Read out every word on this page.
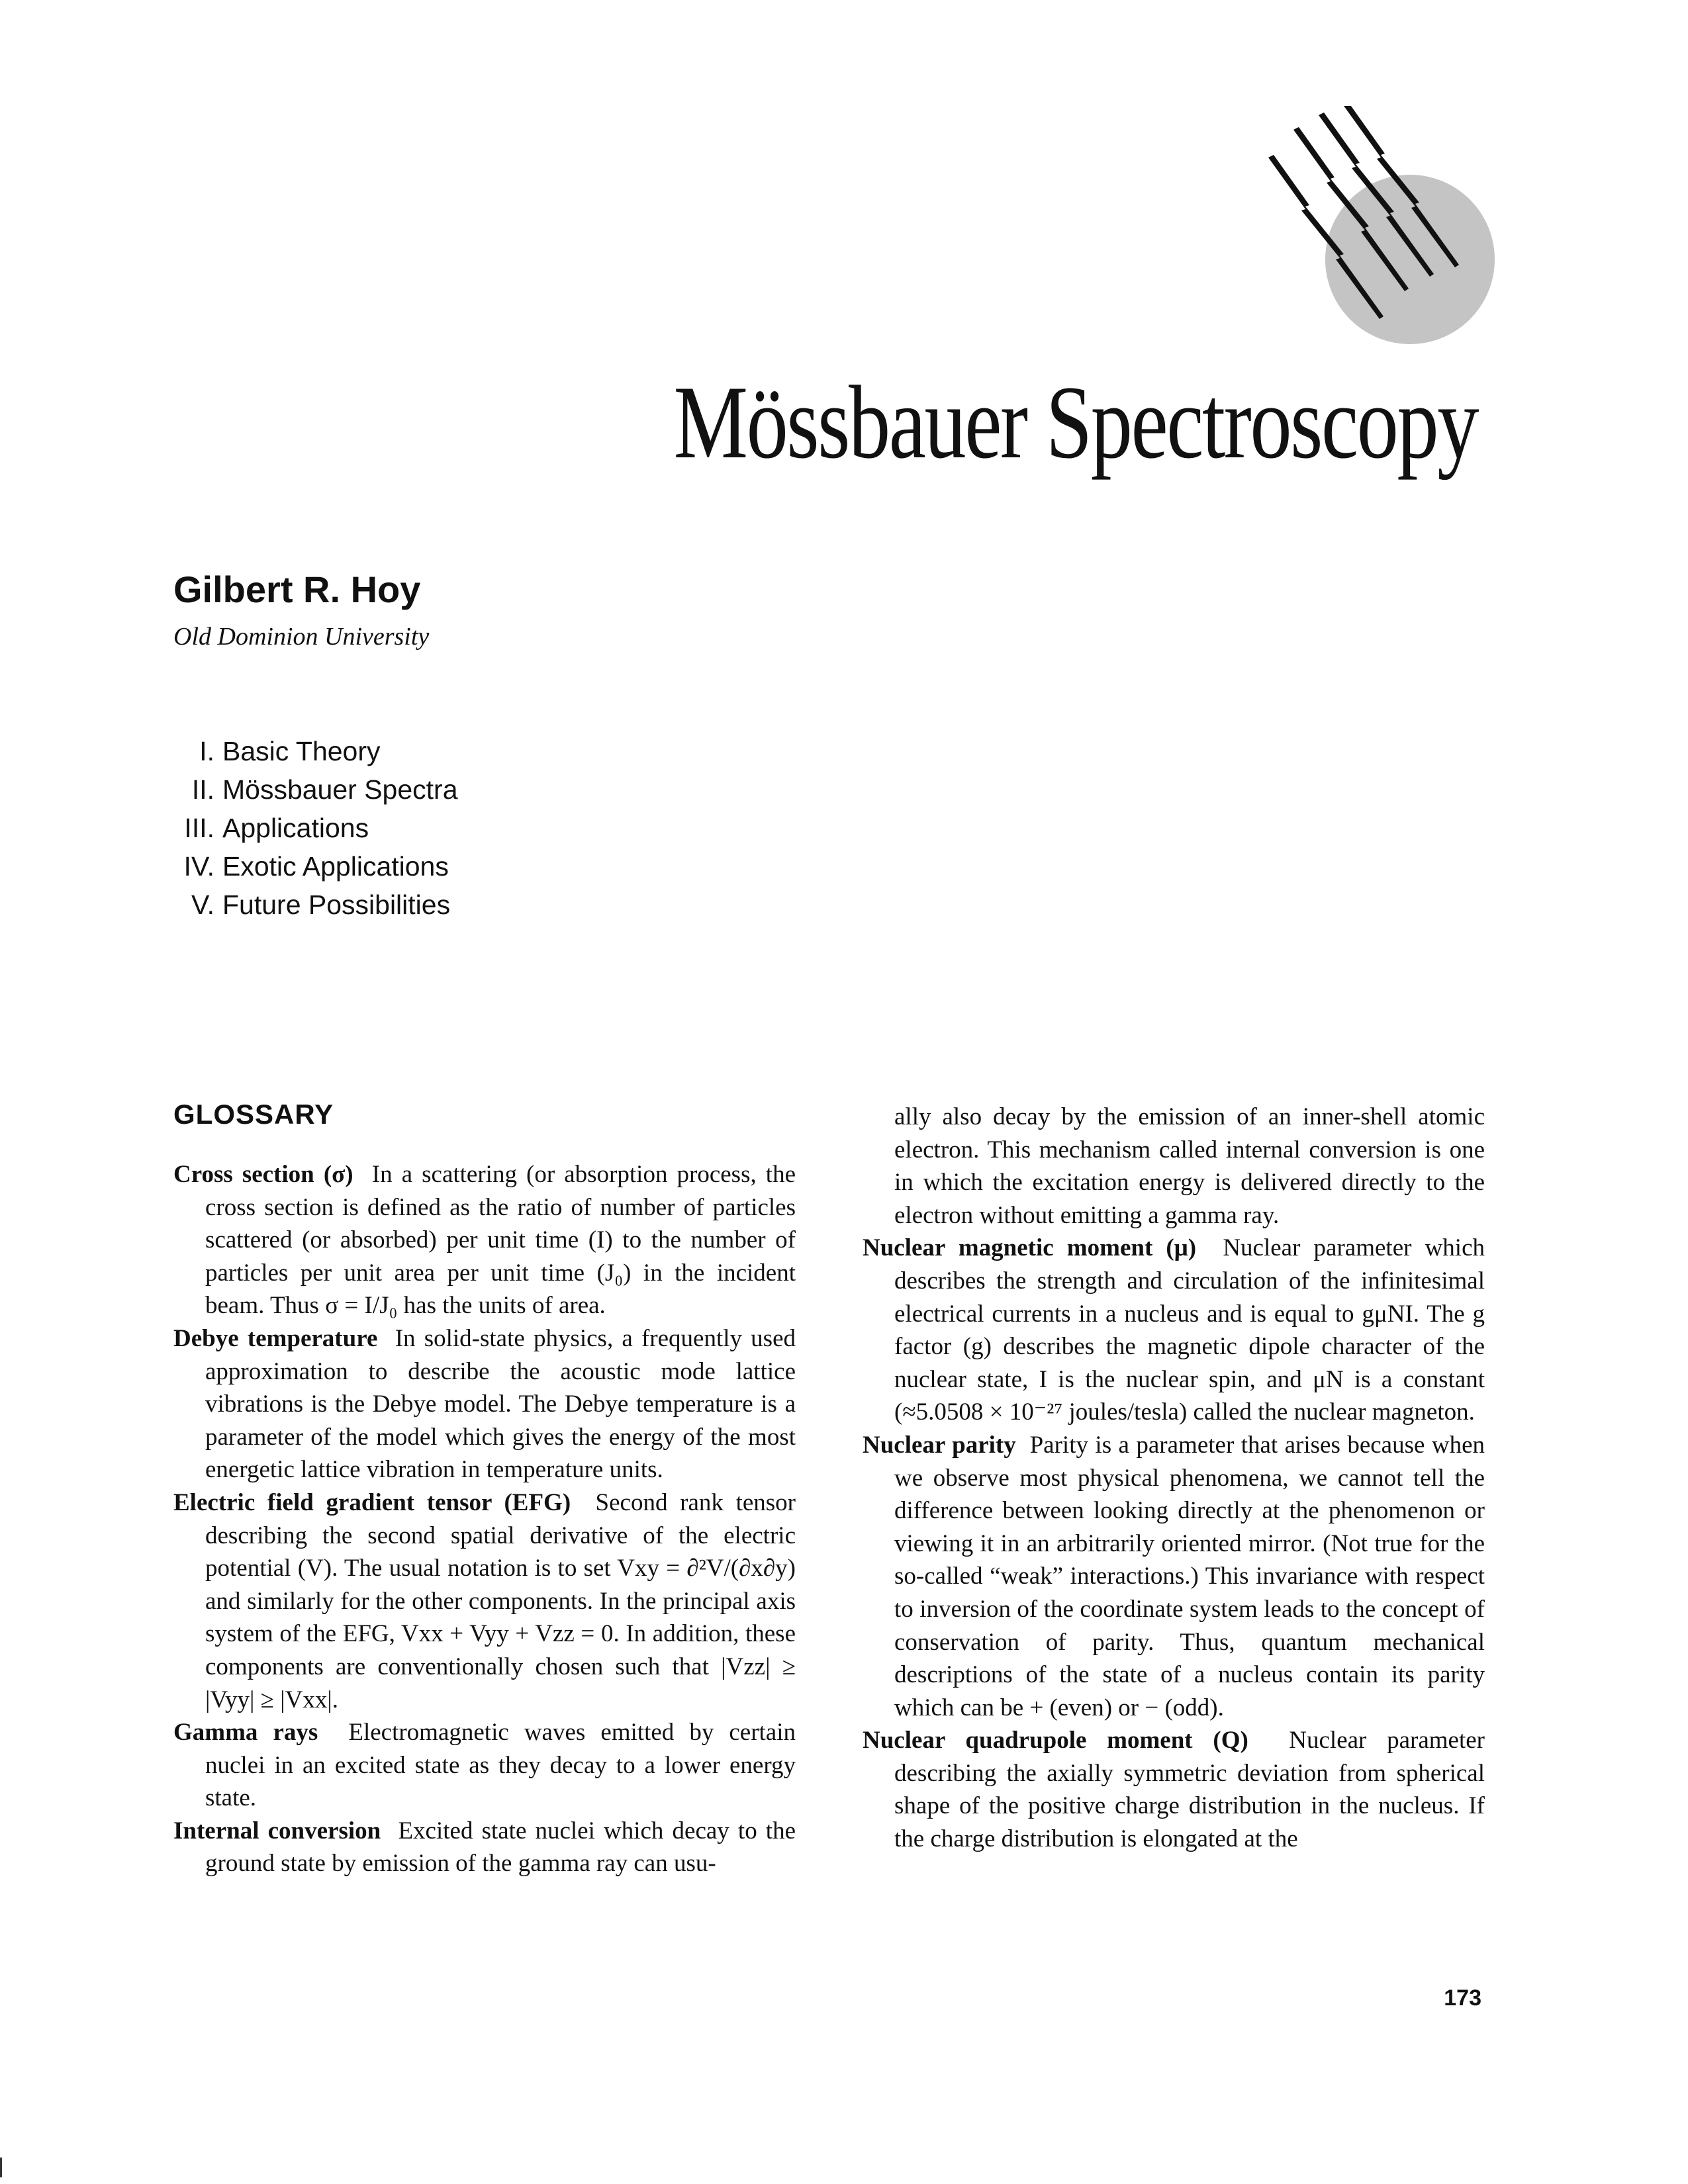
Mössbauer Spectroscopy
Gilbert R. Hoy
Old Dominion University
I. Basic Theory
II. Mössbauer Spectra
III. Applications
IV. Exotic Applications
V. Future Possibilities
GLOSSARY

Cross section (σ) In a scattering (or absorption process, the cross section is defined as the ratio of number of particles scattered (or absorbed) per unit time (I) to the number of particles per unit area per unit time (J₀) in the incident beam. Thus σ = I/J₀ has the units of area.

Debye temperature In solid-state physics, a frequently used approximation to describe the acoustic mode lattice vibrations is the Debye model. The Debye temperature is a parameter of the model which gives the energy of the most energetic lattice vibration in temperature units.

Electric field gradient tensor (EFG) Second rank tensor describing the second spatial derivative of the electric potential (V). The usual notation is to set Vxy = ∂²V/(∂x∂y) and similarly for the other components. In the principal axis system of the EFG, Vxx + Vyy + Vzz = 0. In addition, these components are conventionally chosen such that |Vzz| ≥ |Vyy| ≥ |Vxx|.

Gamma rays Electromagnetic waves emitted by certain nuclei in an excited state as they decay to a lower energy state.

Internal conversion Excited state nuclei which decay to the ground state by emission of the gamma ray can usu-

ally also decay by the emission of an inner-shell atomic electron. This mechanism called internal conversion is one in which the excitation energy is delivered directly to the electron without emitting a gamma ray.

Nuclear magnetic moment (μ) Nuclear parameter which describes the strength and circulation of the infinitesimal electrical currents in a nucleus and is equal to gμNI. The g factor (g) describes the magnetic dipole character of the nuclear state, I is the nuclear spin, and μN is a constant (≈5.0508 × 10⁻²⁷ joules/tesla) called the nuclear magneton.

Nuclear parity Parity is a parameter that arises because when we observe most physical phenomena, we cannot tell the difference between looking directly at the phenomenon or viewing it in an arbitrarily oriented mirror. (Not true for the so-called “weak” interactions.) This invariance with respect to inversion of the coordinate system leads to the concept of conservation of parity. Thus, quantum mechanical descriptions of the state of a nucleus contain its parity which can be + (even) or − (odd).

Nuclear quadrupole moment (Q) Nuclear parameter describing the axially symmetric deviation from spherical shape of the positive charge distribution in the nucleus. If the charge distribution is elongated at the

173
